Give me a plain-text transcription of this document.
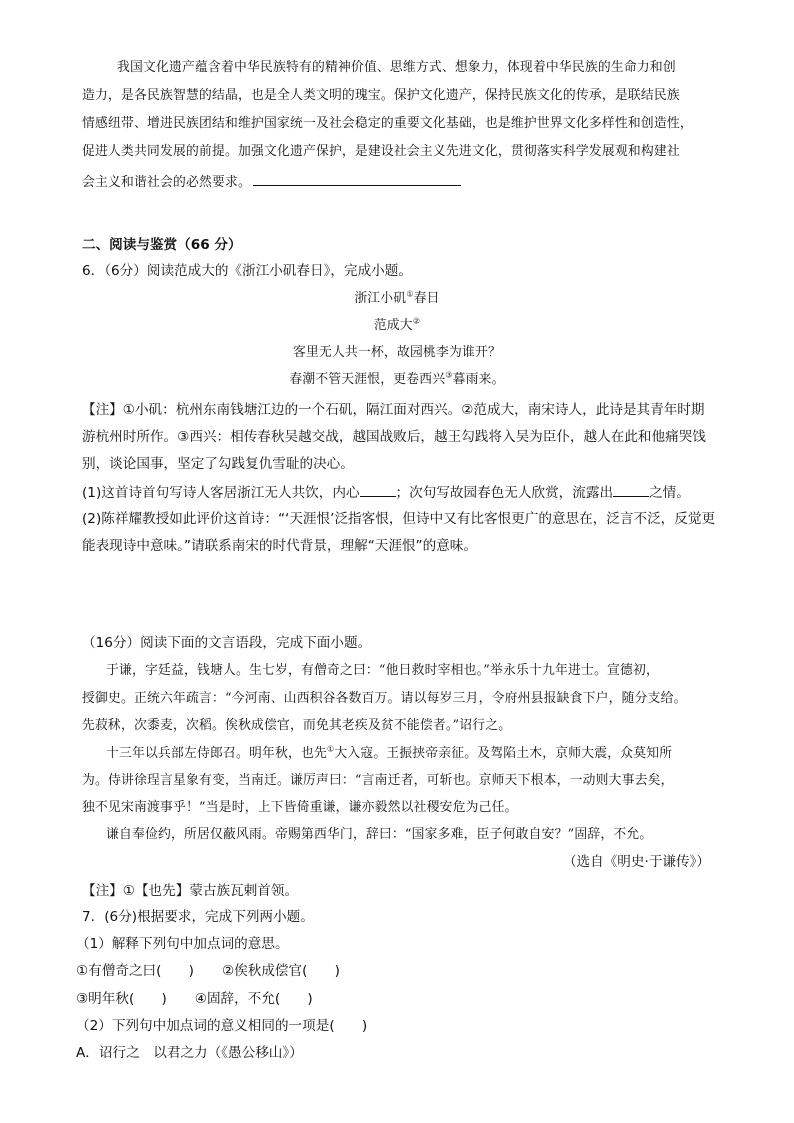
我国文化遗产蕴含着中华民族特有的精神价值、思维方式、想象力，体现着中华民族的生命力和创
造力，是各民族智慧的结晶，也是全人类文明的瑰宝。保护文化遗产，保持民族文化的传承，是联结民族
情感纽带、增进民族团结和维护国家统一及社会稳定的重要文化基础，也是维护世界文化多样性和创造性，
促进人类共同发展的前提。加强文化遗产保护，是建设社会主义先进文化，贯彻落实科学发展观和构建社
会主义和谐社会的必然要求。
二、阅读与鉴赏（66 分）
6．（6分）阅读范成大的《浙江小矶春日》，完成小题。
浙江小矶①春日
范成大②
客里无人共一杯，故园桃李为谁开？
春潮不管天涯恨，更卷西兴③暮雨来。
【注】①小矶：杭州东南钱塘江边的一个石矶，隔江面对西兴。②范成大，南宋诗人，此诗是其青年时期
游杭州时所作。③西兴：相传春秋吴越交战，越国战败后，越王勾践将入吴为臣仆，越人在此和他痛哭饯
别，谈论国事，坚定了勾践复仇雪耻的决心。
(1)这首诗首句写诗人客居浙江无人共饮，内心	；次句写故园春色无人欣赏，流露出	之情。
(2)陈祥耀教授如此评价这首诗：“‘天涯恨’泛指客恨，但诗中又有比客恨更广的意思在，泛言不泛，反觉更
能表现诗中意味。”请联系南宋的时代背景，理解“天涯恨”的意味。
（16分）阅读下面的文言语段，完成下面小题。
于谦，字廷益，钱塘人。生七岁，有僧奇之曰：“他日救时宰相也。”举永乐十九年进士。宣德初，
授御史。正统六年疏言：“今河南、山西积谷各数百万。请以每岁三月，令府州县报缺食下户，随分支给。
先菽秫，次黍麦，次稻。俟秋成偿官，而免其老疾及贫不能偿者。”诏行之。
十三年以兵部左侍郎召。明年秋，也先①大入寇。王振挟帝亲征。及驾陷土木，京师大震，众莫知所
为。侍讲徐珵言星象有变，当南迁。谦厉声曰：“言南迁者，可斩也。京师天下根本，一动则大事去矣，
独不见宋南渡事乎！”当是时，上下皆倚重谦，谦亦毅然以社稷安危为己任。
谦自奉俭约，所居仅蔽风雨。帝赐第西华门，辞曰：“国家多难，臣子何敢自安？”固辞，不允。
（选自《明史·于谦传》）
【注】①【也先】蒙古族瓦剌首领。
7．(6分)根据要求，完成下列两小题。
（1）解释下列句中加点词的意思。
①有僧奇之曰(　　) ②俟秋成偿官(　　)
③明年秋(　　) ④固辞，不允(　　)
（2）下列句中加点词的意义相同的一项是(　　)
A．诏行之　以君之力（《愚公移山》）
